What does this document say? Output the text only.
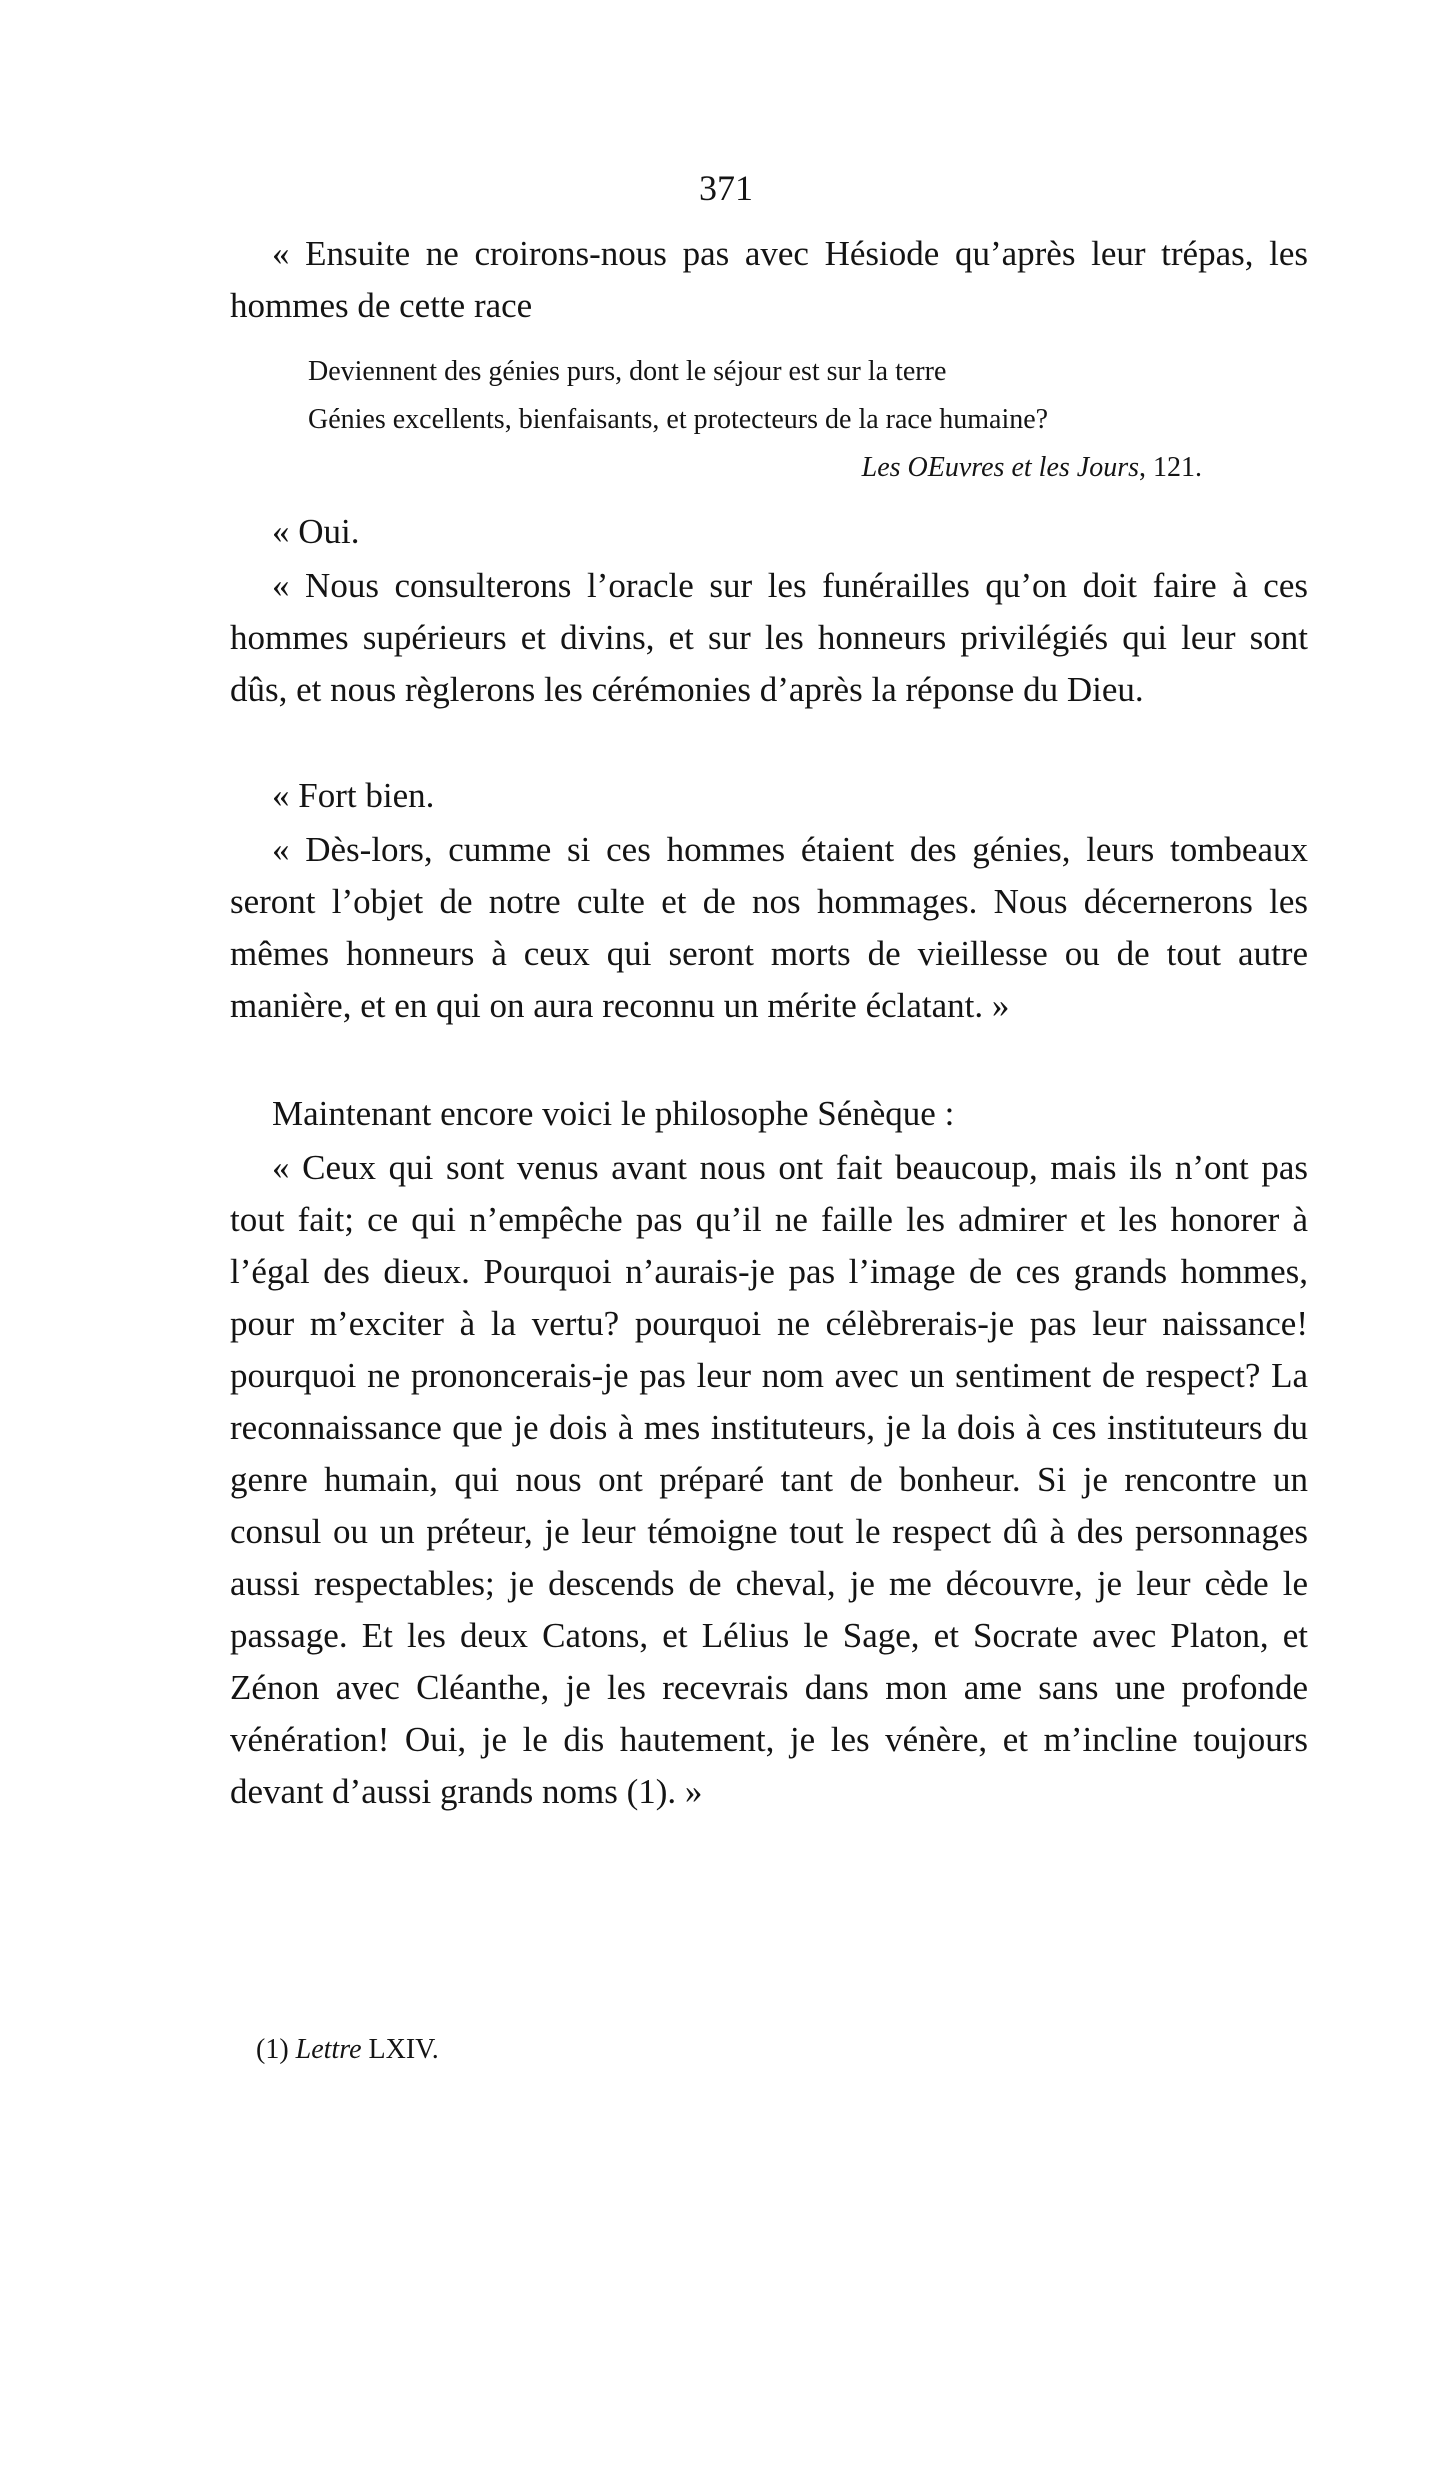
371

« Ensuite ne croirons-nous pas avec Hésiode qu’après leur trépas, les hommes de cette race

Deviennent des génies purs, dont le séjour est sur la terre

Génies excellents, bienfaisants, et protecteurs de la race humaine?

Les OEuvres et les Jours, 121.

« Oui.

« Nous consulterons l’oracle sur les funérailles qu’on doit faire à ces hommes supérieurs et divins, et sur les honneurs privilégiés qui leur sont dûs, et nous règlerons les cérémonies d’après la réponse du Dieu.

« Fort bien.

« Dès-lors, cumme si ces hommes étaient des génies, leurs tombeaux seront l’objet de notre culte et de nos hommages. Nous décernerons les mêmes honneurs à ceux qui seront morts de vieillesse ou de tout autre manière, et en qui on aura reconnu un mérite éclatant. »

Maintenant encore voici le philosophe Sénèque :

« Ceux qui sont venus avant nous ont fait beaucoup, mais ils n’ont pas tout fait; ce qui n’empêche pas qu’il ne faille les admirer et les honorer à l’égal des dieux. Pourquoi n’aurais-je pas l’image de ces grands hommes, pour m’exciter à la vertu? pourquoi ne célèbrerais-je pas leur naissance! pourquoi ne prononcerais-je pas leur nom avec un sentiment de respect? La reconnaissance que je dois à mes instituteurs, je la dois à ces instituteurs du genre humain, qui nous ont préparé tant de bonheur. Si je rencontre un consul ou un préteur, je leur témoigne tout le respect dû à des personnages aussi respectables; je descends de cheval, je me découvre, je leur cède le passage. Et les deux Catons, et Lélius le Sage, et Socrate avec Platon, et Zénon avec Cléanthe, je les recevrais dans mon ame sans une profonde vénération! Oui, je le dis hautement, je les vénère, et m’incline toujours devant d’aussi grands noms (1). »

(1) Lettre LXIV.
